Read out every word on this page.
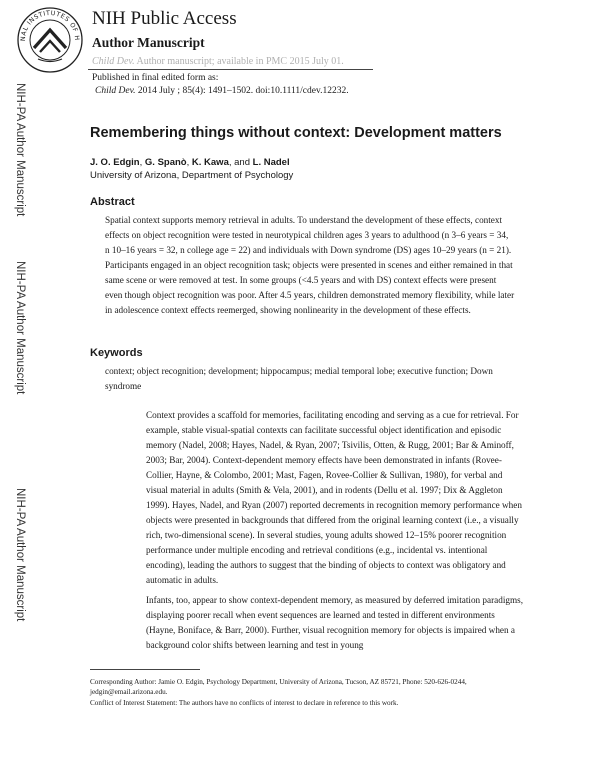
NAL INSTITUTES OF H
NIH Public Access
Author Manuscript
Child Dev. Author manuscript; available in PMC 2015 July 01.
Published in final edited form as:
Child Dev. 2014 July ; 85(4): 1491–1502. doi:10.1111/cdev.12232.
NIH-PA Author Manuscript
NIH-PA Author Manuscript
NIH-PA Author Manuscript
Remembering things without context: Development matters
J. O. Edgin, G. Spanò, K. Kawa, and L. Nadel
University of Arizona, Department of Psychology
Abstract
Spatial context supports memory retrieval in adults. To understand the development of these effects, context effects on object recognition were tested in neurotypical children ages 3 years to adulthood (n 3–6 years = 34, n 10–16 years = 32, n college age = 22) and individuals with Down syndrome (DS) ages 10–29 years (n = 21). Participants engaged in an object recognition task; objects were presented in scenes and either remained in that same scene or were removed at test. In some groups (<4.5 years and with DS) context effects were present even though object recognition was poor. After 4.5 years, children demonstrated memory flexibility, while later in adolescence context effects reemerged, showing nonlinearity in the development of these effects.
Keywords
context; object recognition; development; hippocampus; medial temporal lobe; executive function; Down syndrome
Context provides a scaffold for memories, facilitating encoding and serving as a cue for retrieval. For example, stable visual-spatial contexts can facilitate successful object identification and episodic memory (Nadel, 2008; Hayes, Nadel, & Ryan, 2007; Tsivilis, Otten, & Rugg, 2001; Bar & Aminoff, 2003; Bar, 2004). Context-dependent memory effects have been demonstrated in infants (Rovee-Collier, Hayne, & Colombo, 2001; Mast, Fagen, Rovee-Collier & Sullivan, 1980), for verbal and visual material in adults (Smith & Vela, 2001), and in rodents (Dellu et al. 1997; Dix & Aggleton 1999). Hayes, Nadel, and Ryan (2007) reported decrements in recognition memory performance when objects were presented in backgrounds that differed from the original learning context (i.e., a visually rich, two-dimensional scene). In several studies, young adults showed 12–15% poorer recognition performance under multiple encoding and retrieval conditions (e.g., incidental vs. intentional encoding), leading the authors to suggest that the binding of objects to context was obligatory and automatic in adults.
Infants, too, appear to show context-dependent memory, as measured by deferred imitation paradigms, displaying poorer recall when event sequences are learned and tested in different environments (Hayne, Boniface, & Barr, 2000). Further, visual recognition memory for objects is impaired when a background color shifts between learning and test in young
Corresponding Author: Jamie O. Edgin, Psychology Department, University of Arizona, Tucson, AZ 85721, Phone: 520-626-0244, jedgin@email.arizona.edu.
Conflict of Interest Statement: The authors have no conflicts of interest to declare in reference to this work.
